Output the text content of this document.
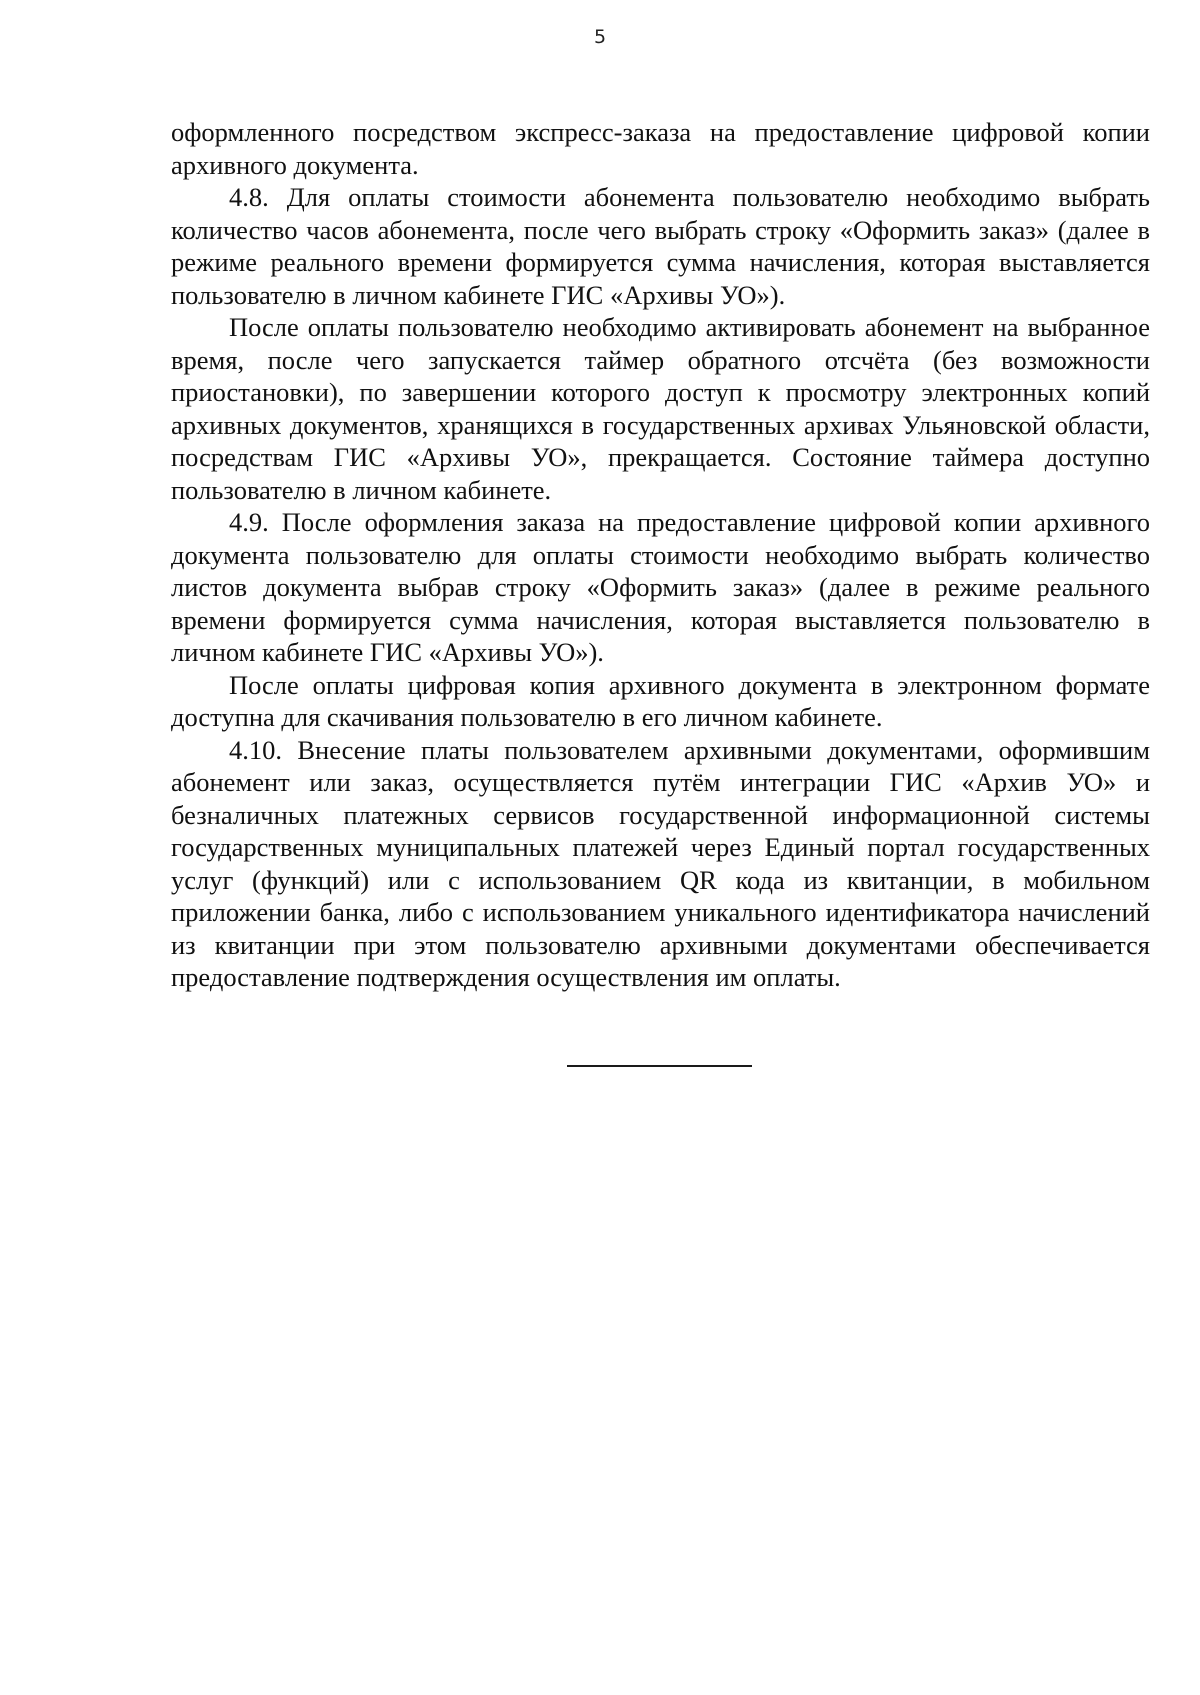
5

оформленного посредством экспресс-заказа на предоставление цифровой копии архивного документа.

4.8. Для оплаты стоимости абонемента пользователю необходимо выбрать количество часов абонемента, после чего выбрать строку «Оформить заказ» (далее в режиме реального времени формируется сумма начисления, которая выставляется пользователю в личном кабинете ГИС «Архивы УО»).

После оплаты пользователю необходимо активировать абонемент на выбранное время, после чего запускается таймер обратного отсчёта (без возможности приостановки), по завершении которого доступ к просмотру электронных копий архивных документов, хранящихся в государственных архивах Ульяновской области, посредствам ГИС «Архивы УО», прекращается. Состояние таймера доступно пользователю в личном кабинете.

4.9. После оформления заказа на предоставление цифровой копии архивного документа пользователю для оплаты стоимости необходимо выбрать количество листов документа выбрав строку «Оформить заказ» (далее в режиме реального времени формируется сумма начисления, которая выставляется пользователю в личном кабинете ГИС «Архивы УО»).

После оплаты цифровая копия архивного документа в электронном формате доступна для скачивания пользователю в его личном кабинете.

4.10. Внесение платы пользователем архивными документами, оформившим абонемент или заказ, осуществляется путём интеграции ГИС «Архив УО» и безналичных платежных сервисов государственной информационной системы государственных муниципальных платежей через Единый портал государственных услуг (функций) или с использованием QR кода из квитанции, в мобильном приложении банка, либо с использованием уникального идентификатора начислений из квитанции при этом пользователю архивными документами обеспечивается предоставление подтверждения осуществления им оплаты.
